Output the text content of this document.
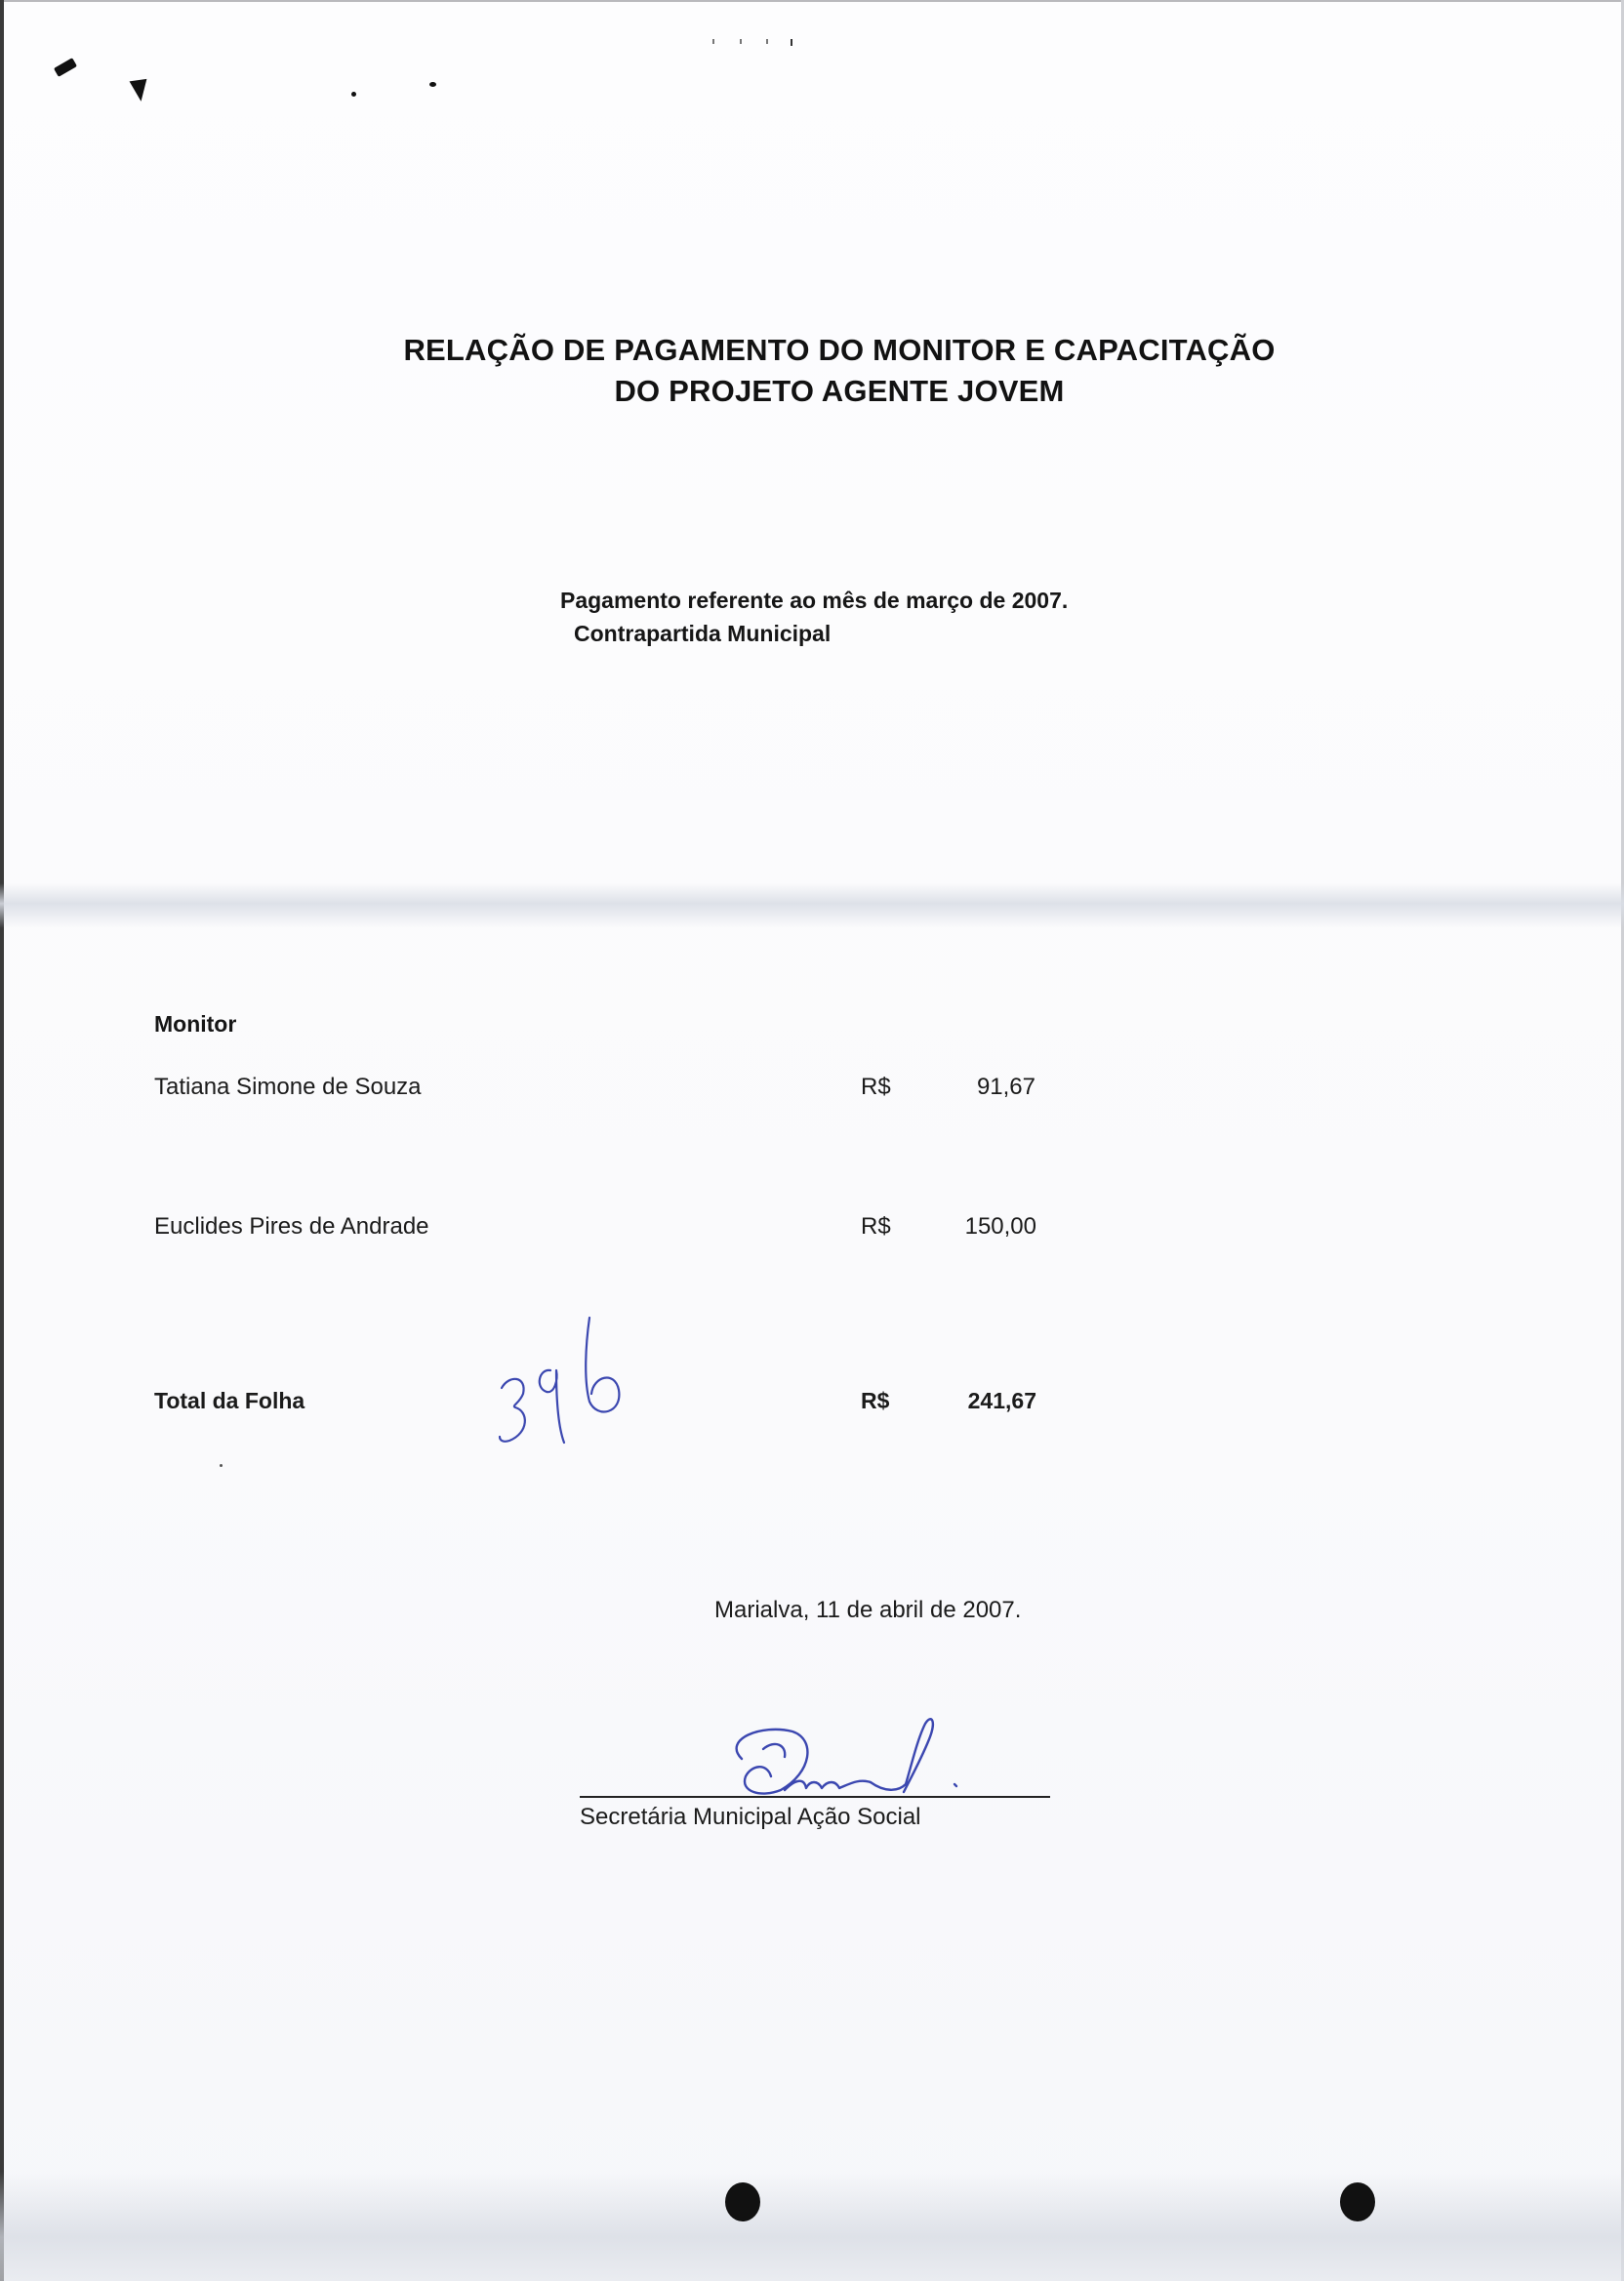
RELAÇÃO DE PAGAMENTO DO MONITOR E CAPACITAÇÃO
DO PROJETO AGENTE JOVEM
Pagamento referente ao mês de março de 2007.
Contrapartida Municipal
Monitor
Tatiana Simone de Souza	R$	91,67
Euclides Pires de Andrade	R$	150,00
Total da Folha	R$	241,67
Marialva, 11 de abril de 2007.
Secretária Municipal Ação Social
